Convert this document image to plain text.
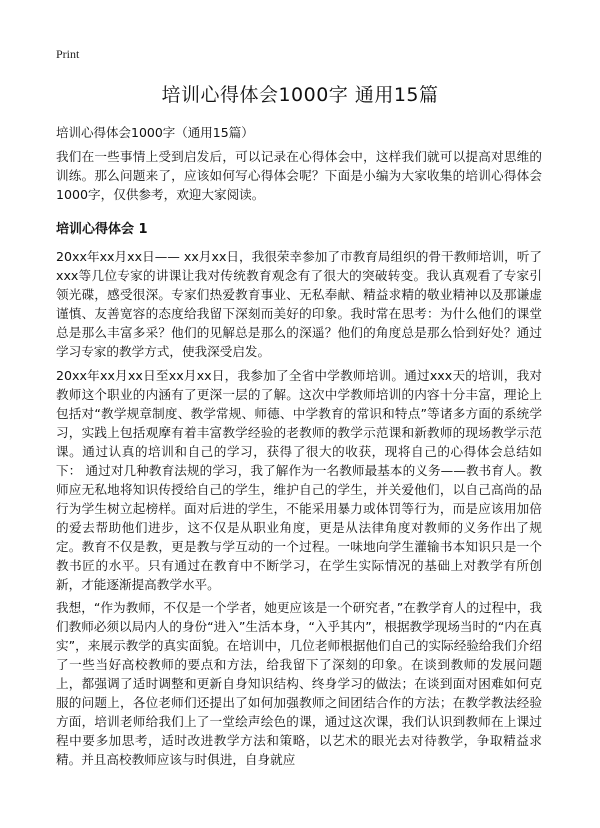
Print
培训心得体会1000字 通用15篇
培训心得体会1000字（通用15篇）

我们在一些事情上受到启发后，可以记录在心得体会中，这样我们就可以提高对思维的训练。那么问题来了，应该如何写心得体会呢？下面是小编为大家收集的培训心得体会1000字，仅供参考，欢迎大家阅读。

培训心得体会 1

20xx年xx月xx日—— xx月xx日，我很荣幸参加了市教育局组织的骨干教师培训，听了xxx等几位专家的讲课让我对传统教育观念有了很大的突破转变。我认真观看了专家引领光碟，感受很深。专家们热爱教育事业、无私奉献、精益求精的敬业精神以及那谦虚谨慎、友善宽容的态度给我留下深刻而美好的印象。我时常在思考：为什么他们的课堂总是那么丰富多采？他们的见解总是那么的深遥？他们的角度总是那么恰到好处？通过学习专家的教学方式，使我深受启发。

20xx年xx月xx日至xx月xx日，我参加了全省中学教师培训。通过xxx天的培训，我对教师这个职业的内涵有了更深一层的了解。这次中学教师培训的内容十分丰富，理论上包括对“教学规章制度、教学常规、师德、中学教育的常识和特点”等诸多方面的系统学习，实践上包括观摩有着丰富教学经验的老教师的教学示范课和新教师的现场教学示范课。通过认真的培训和自己的学习，获得了很大的收获，现将自己的心得体会总结如下： 通过对几种教育法规的学习，我了解作为一名教师最基本的义务——教书育人。教师应无私地将知识传授给自己的学生，维护自己的学生，并关爱他们，以自己高尚的品行为学生树立起榜样。面对后进的学生，不能采用暴力或体罚等行为，而是应该用加倍的爱去帮助他们进步，这不仅是从职业角度，更是从法律角度对教师的义务作出了规定。教育不仅是教，更是教与学互动的一个过程。一味地向学生灌输书本知识只是一个教书匠的水平。只有通过在教育中不断学习，在学生实际情况的基础上对教学有所创新，才能逐渐提高教学水平。

我想，“作为教师，不仅是一个学者，她更应该是一个研究者，”在教学育人的过程中，我们教师必须以局内人的身份“进入”生活本身，“入乎其内”，根据教学现场当时的“内在真实”，来展示教学的真实面貌。在培训中，几位老师根据他们自己的实际经验给我们介绍了一些当好高校教师的要点和方法，给我留下了深刻的印象。在谈到教师的发展问题上，都强调了适时调整和更新自身知识结构、终身学习的做法；在谈到面对困难如何克服的问题上，各位老师们还提出了如何加强教师之间团结合作的方法；在教学教法经验方面，培训老师给我们上了一堂绘声绘色的课，通过这次课，我们认识到教师在上课过程中要多加思考，适时改进教学方法和策略，以艺术的眼光去对待教学，争取精益求精。并且高校教师应该与时俱进，自身就应
